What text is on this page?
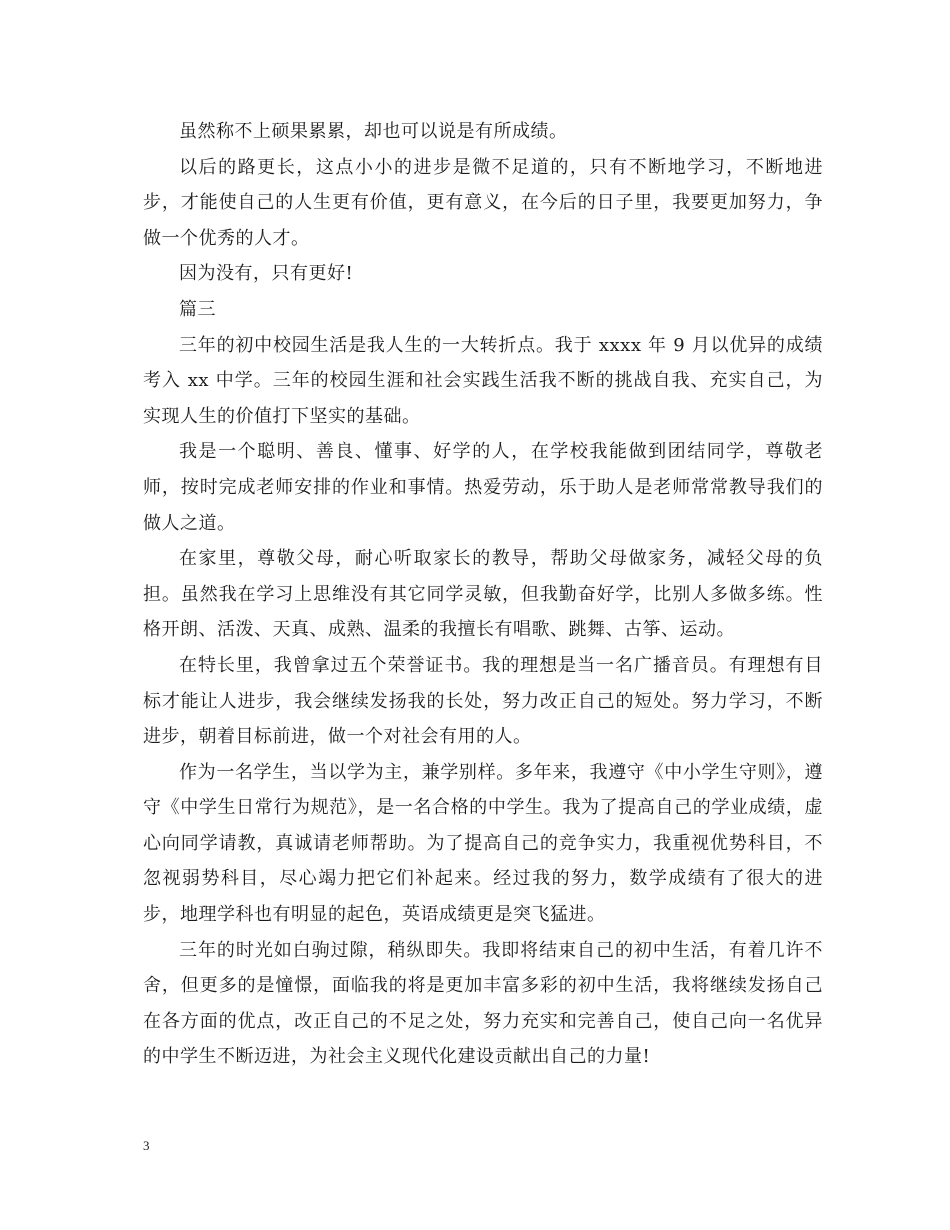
虽然称不上硕果累累，却也可以说是有所成绩。

以后的路更长，这点小小的进步是微不足道的，只有不断地学习，不断地进步，才能使自己的人生更有价值，更有意义，在今后的日子里，我要更加努力，争做一个优秀的人才。

因为没有，只有更好!

篇三

三年的初中校园生活是我人生的一大转折点。我于 xxxx 年 9 月以优异的成绩考入 xx 中学。三年的校园生涯和社会实践生活我不断的挑战自我、充实自己，为实现人生的价值打下坚实的基础。

我是一个聪明、善良、懂事、好学的人，在学校我能做到团结同学，尊敬老师，按时完成老师安排的作业和事情。热爱劳动，乐于助人是老师常常教导我们的做人之道。

在家里，尊敬父母，耐心听取家长的教导，帮助父母做家务，减轻父母的负担。虽然我在学习上思维没有其它同学灵敏，但我勤奋好学，比别人多做多练。性格开朗、活泼、天真、成熟、温柔的我擅长有唱歌、跳舞、古筝、运动。

在特长里，我曾拿过五个荣誉证书。我的理想是当一名广播音员。有理想有目标才能让人进步，我会继续发扬我的长处，努力改正自己的短处。努力学习，不断进步，朝着目标前进，做一个对社会有用的人。

作为一名学生，当以学为主，兼学别样。多年来，我遵守《中小学生守则》，遵守《中学生日常行为规范》，是一名合格的中学生。我为了提高自己的学业成绩，虚心向同学请教，真诚请老师帮助。为了提高自己的竞争实力，我重视优势科目，不忽视弱势科目，尽心竭力把它们补起来。经过我的努力，数学成绩有了很大的进步，地理学科也有明显的起色，英语成绩更是突飞猛进。

三年的时光如白驹过隙，稍纵即失。我即将结束自己的初中生活，有着几许不舍，但更多的是憧憬，面临我的将是更加丰富多彩的初中生活，我将继续发扬自己在各方面的优点，改正自己的不足之处，努力充实和完善自己，使自己向一名优异的中学生不断迈进，为社会主义现代化建设贡献出自己的力量!

3
